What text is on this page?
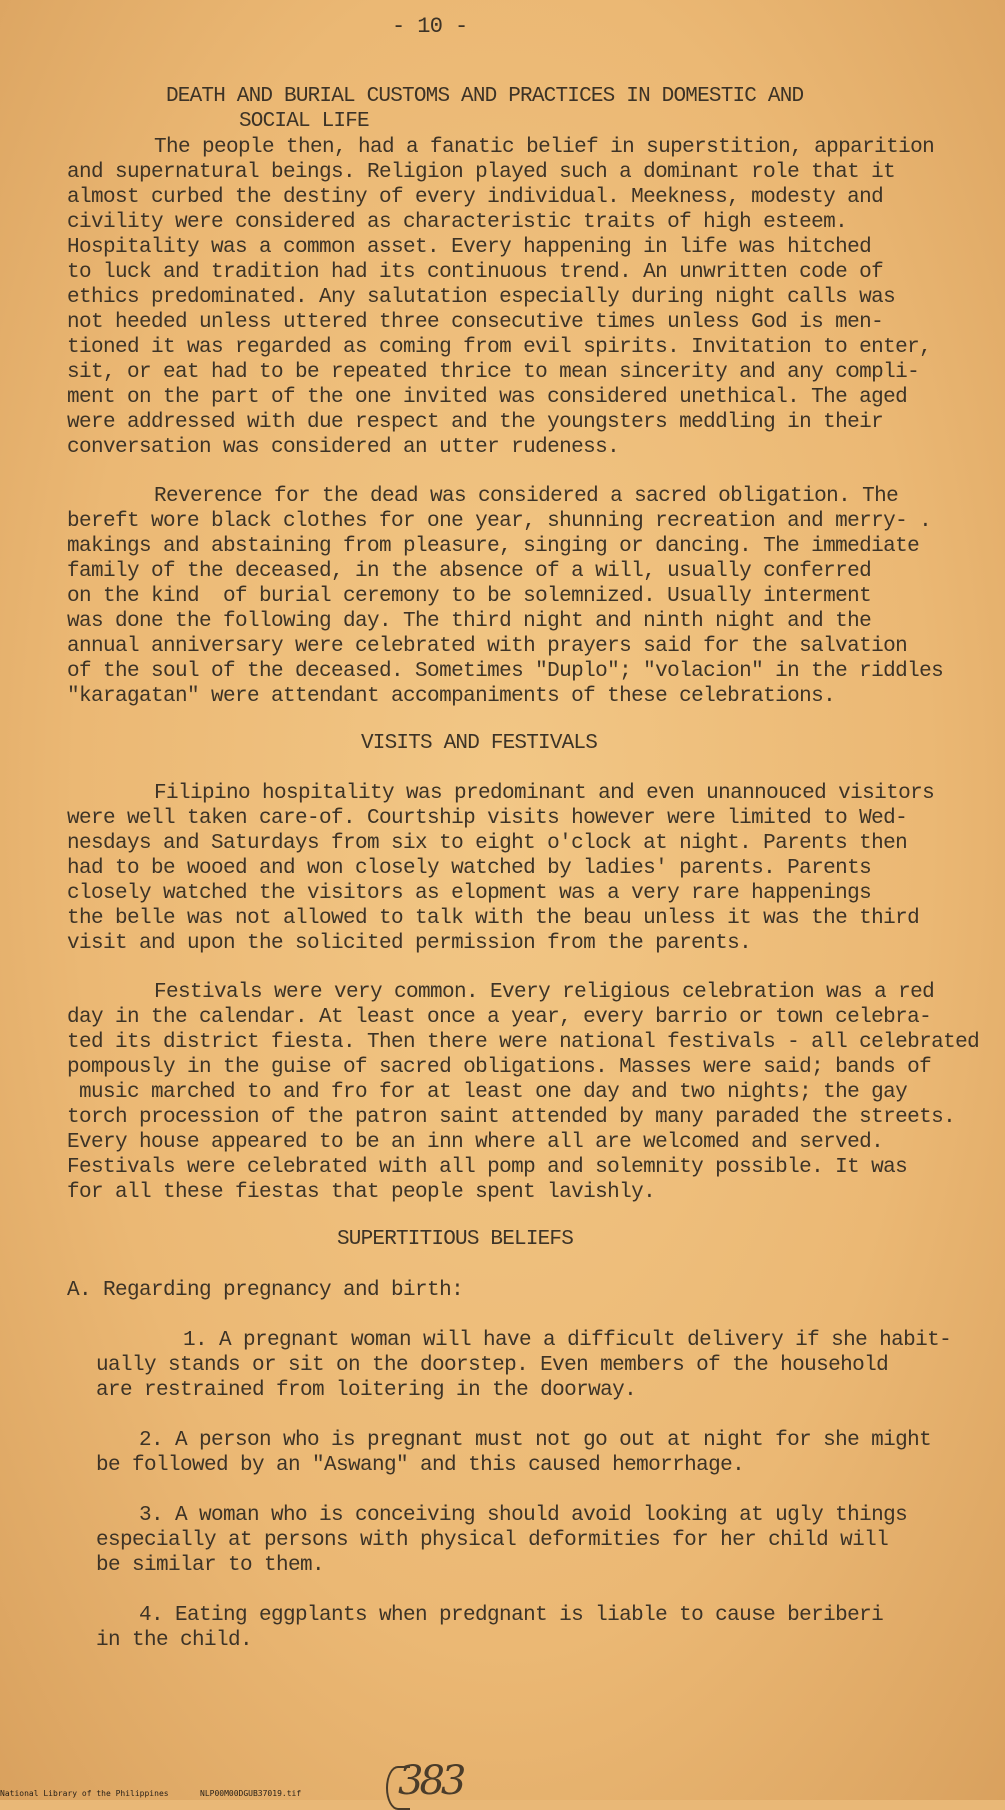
- 10 -
DEATH AND BURIAL CUSTOMS AND PRACTICES IN DOMESTIC AND
SOCIAL LIFE
The people then, had a fanatic belief in superstition, apparition
and supernatural beings. Religion played such a dominant role that it
almost curbed the destiny of every individual. Meekness, modesty and
civility were considered as characteristic traits of high esteem.
Hospitality was a common asset. Every happening in life was hitched
to luck and tradition had its continuous trend. An unwritten code of
ethics predominated. Any salutation especially during night calls was
not heeded unless uttered three consecutive times unless God is men-
tioned it was regarded as coming from evil spirits. Invitation to enter,
sit, or eat had to be repeated thrice to mean sincerity and any compli-
ment on the part of the one invited was considered unethical. The aged
were addressed with due respect and the youngsters meddling in their
conversation was considered an utter rudeness.
Reverence for the dead was considered a sacred obligation. The
bereft wore black clothes for one year, shunning recreation and merry- .
makings and abstaining from pleasure, singing or dancing. The immediate
family of the deceased, in the absence of a will, usually conferred
on the kind  of burial ceremony to be solemnized. Usually interment
was done the following day. The third night and ninth night and the
annual anniversary were celebrated with prayers said for the salvation
of the soul of the deceased. Sometimes "Duplo"; "volacion" in the riddles
"karagatan" were attendant accompaniments of these celebrations.
VISITS AND FESTIVALS
Filipino hospitality was predominant and even unannouced visitors
were well taken care-of. Courtship visits however were limited to Wed-
nesdays and Saturdays from six to eight o'clock at night. Parents then
had to be wooed and won closely watched by ladies' parents. Parents
closely watched the visitors as elopment was a very rare happenings
the belle was not allowed to talk with the beau unless it was the third
visit and upon the solicited permission from the parents.
Festivals were very common. Every religious celebration was a red
day in the calendar. At least once a year, every barrio or town celebra-
ted its district fiesta. Then there were national festivals - all celebrated
pompously in the guise of sacred obligations. Masses were said; bands of
music marched to and fro for at least one day and two nights; the gay
torch procession of the patron saint attended by many paraded the streets.
Every house appeared to be an inn where all are welcomed and served.
Festivals were celebrated with all pomp and solemnity possible. It was
for all these fiestas that people spent lavishly.
SUPERTITIOUS BELIEFS
A. Regarding pregnancy and birth:
1. A pregnant woman will have a difficult delivery if she habit-
ually stands or sit on the doorstep. Even members of the household
are restrained from loitering in the doorway.
2. A person who is pregnant must not go out at night for she might
be followed by an "Aswang" and this caused hemorrhage.
3. A woman who is conceiving should avoid looking at ugly things
especially at persons with physical deformities for her child will
be similar to them.
4. Eating eggplants when predgnant is liable to cause beriberi
in the child.
383
National Library of the Philippines	NLP00M00DGUB37019.tif
